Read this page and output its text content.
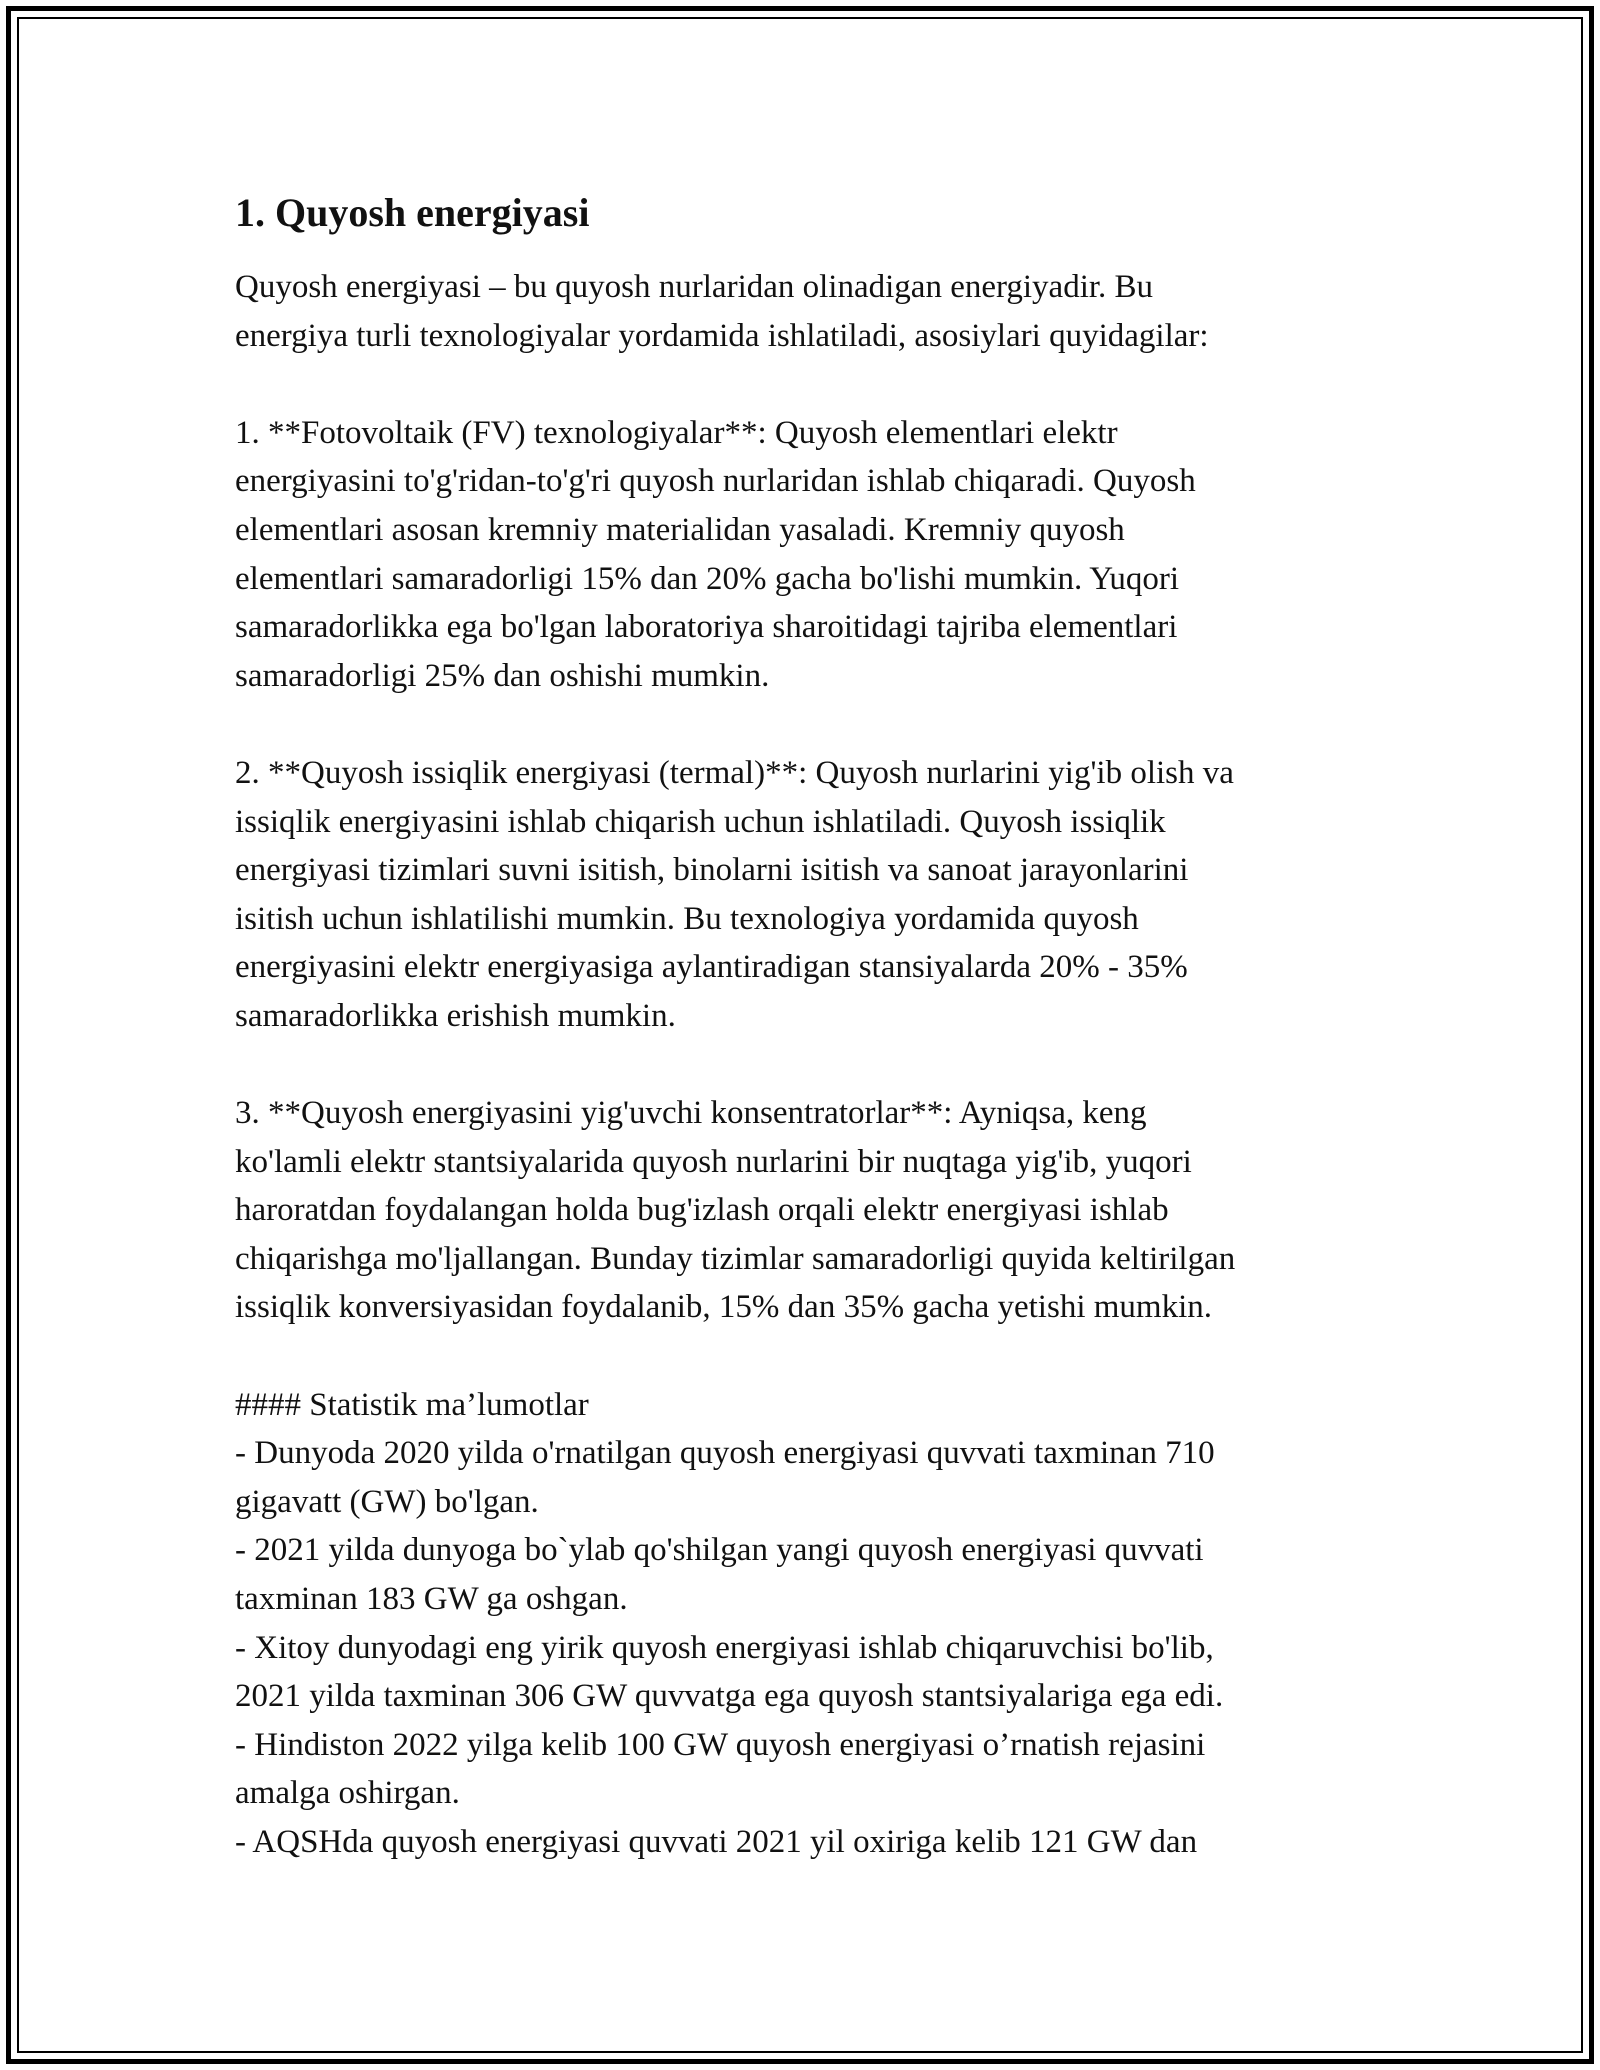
1. Quyosh energiyasi

Quyosh energiyasi – bu quyosh nurlaridan olinadigan energiyadir. Bu
energiya turli texnologiyalar yordamida ishlatiladi, asosiylari quyidagilar:

1. **Fotovoltaik (FV) texnologiyalar**: Quyosh elementlari elektr
energiyasini to'g'ridan-to'g'ri quyosh nurlaridan ishlab chiqaradi. Quyosh
elementlari asosan kremniy materialidan yasaladi. Kremniy quyosh
elementlari samaradorligi 15% dan 20% gacha bo'lishi mumkin. Yuqori
samaradorlikka ega bo'lgan laboratoriya sharoitidagi tajriba elementlari
samaradorligi 25% dan oshishi mumkin.

2. **Quyosh issiqlik energiyasi (termal)**: Quyosh nurlarini yig'ib olish va
issiqlik energiyasini ishlab chiqarish uchun ishlatiladi. Quyosh issiqlik
energiyasi tizimlari suvni isitish, binolarni isitish va sanoat jarayonlarini
isitish uchun ishlatilishi mumkin. Bu texnologiya yordamida quyosh
energiyasini elektr energiyasiga aylantiradigan stansiyalarda 20% - 35%
samaradorlikka erishish mumkin.

3. **Quyosh energiyasini yig'uvchi konsentratorlar**: Ayniqsa, keng
ko'lamli elektr stantsiyalarida quyosh nurlarini bir nuqtaga yig'ib, yuqori
haroratdan foydalangan holda bug'izlash orqali elektr energiyasi ishlab
chiqarishga mo'ljallangan. Bunday tizimlar samaradorligi quyida keltirilgan
issiqlik konversiyasidan foydalanib, 15% dan 35% gacha yetishi mumkin.

#### Statistik ma’lumotlar
- Dunyoda 2020 yilda o'rnatilgan quyosh energiyasi quvvati taxminan 710
gigavatt (GW) bo'lgan.
- 2021 yilda dunyoga bo`ylab qo'shilgan yangi quyosh energiyasi quvvati
taxminan 183 GW ga oshgan.
- Xitoy dunyodagi eng yirik quyosh energiyasi ishlab chiqaruvchisi bo'lib,
2021 yilda taxminan 306 GW quvvatga ega quyosh stantsiyalariga ega edi.
- Hindiston 2022 yilga kelib 100 GW quyosh energiyasi o’rnatish rejasini
amalga oshirgan.
- AQSHda quyosh energiyasi quvvati 2021 yil oxiriga kelib 121 GW dan
